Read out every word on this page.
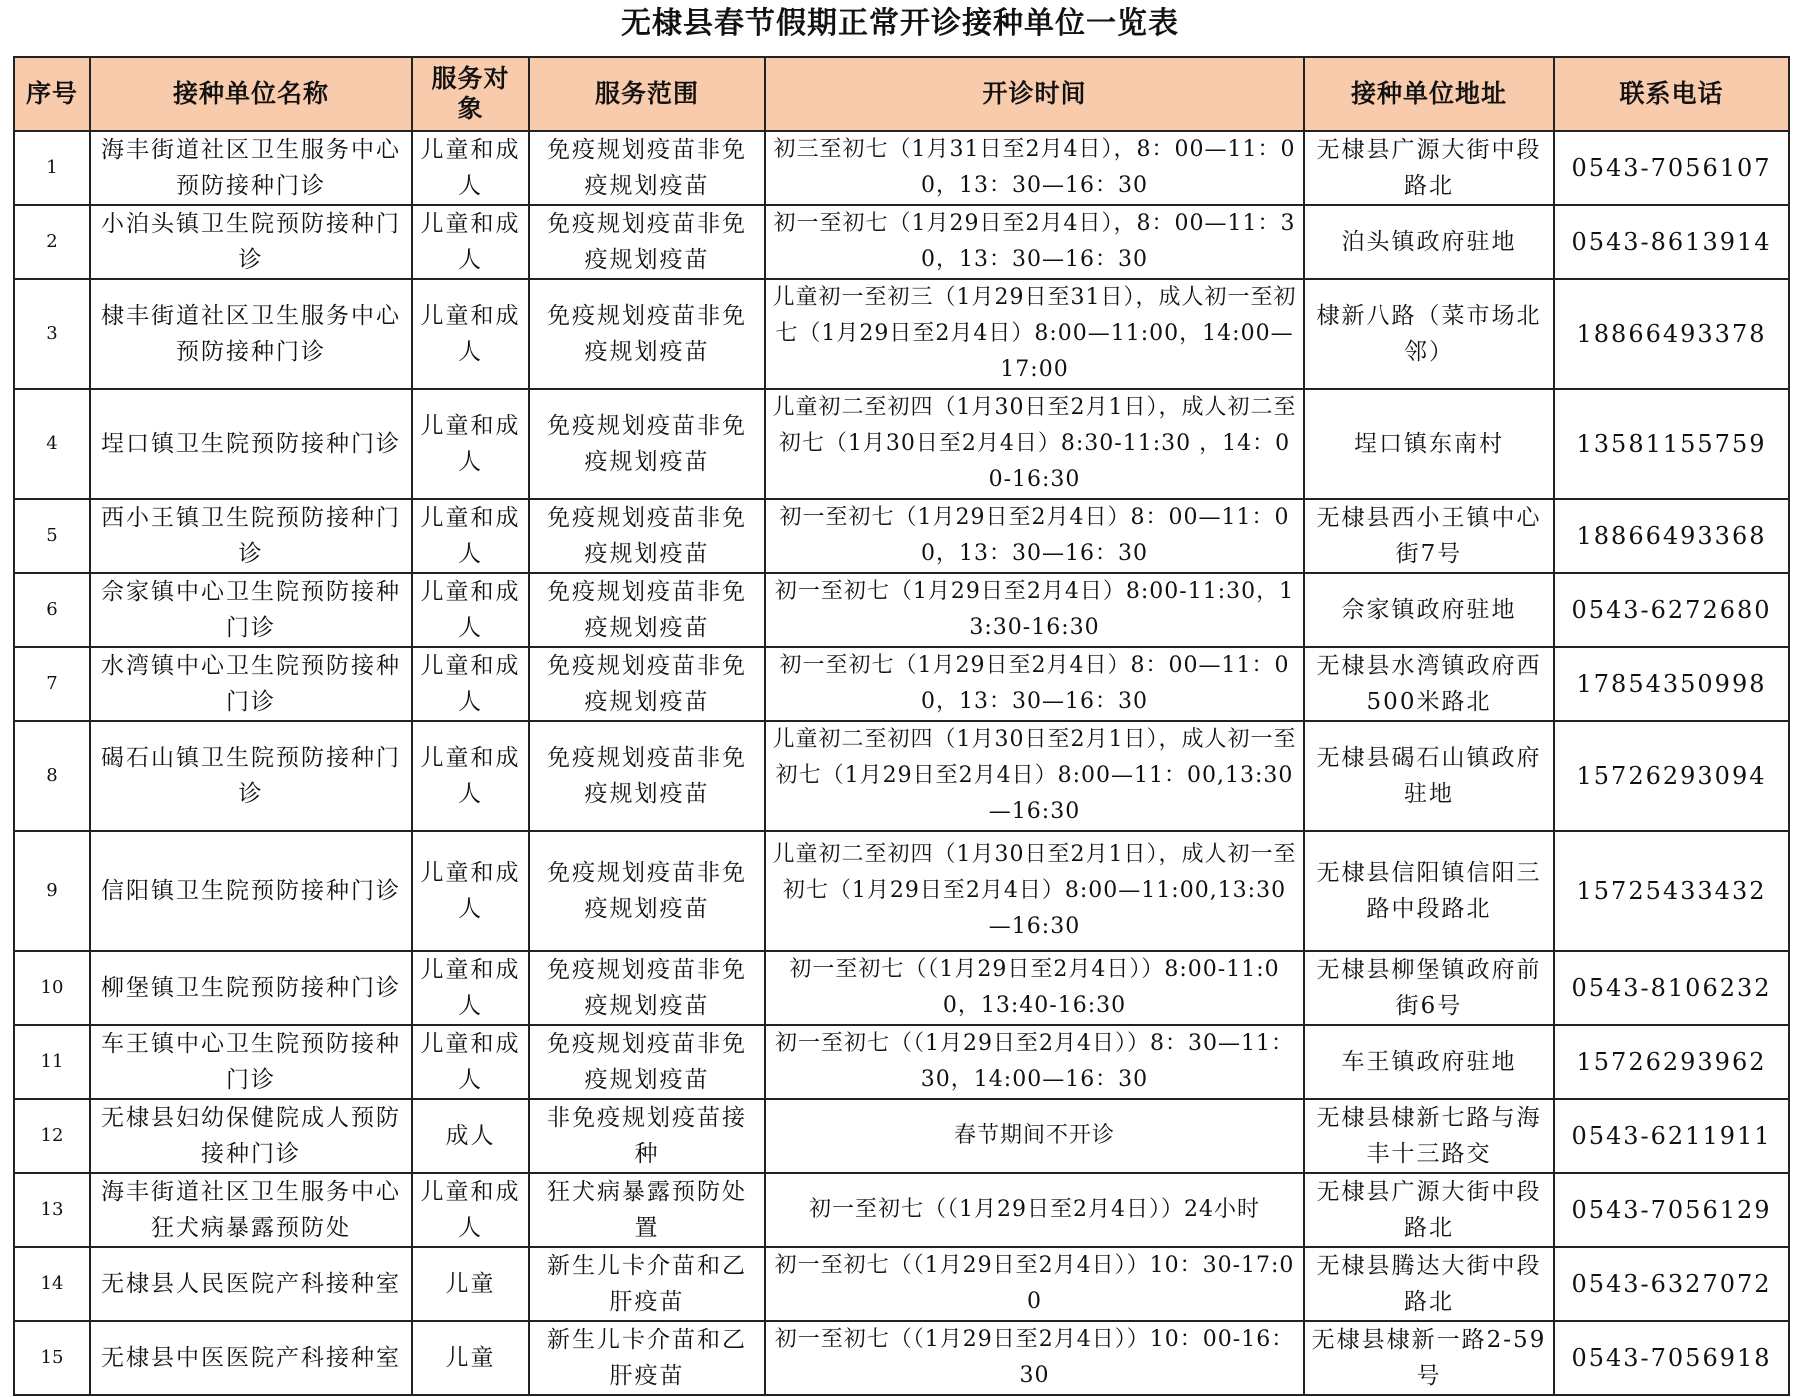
无棣县春节假期正常开诊接种单位一览表
序号	接种单位名称	服务对象	服务范围	开诊时间	接种单位地址	联系电话
1	海丰街道社区卫生服务中心预防接种门诊	儿童和成人	免疫规划疫苗非免疫规划疫苗	初三至初七（1月31日至2月4日），8：00—11：00，13：30—16：30	无棣县广源大街中段路北	0543-7056107
2	小泊头镇卫生院预防接种门诊	儿童和成人	免疫规划疫苗非免疫规划疫苗	初一至初七（1月29日至2月4日），8：00—11：30，13：30—16：30	泊头镇政府驻地	0543-8613914
3	棣丰街道社区卫生服务中心预防接种门诊	儿童和成人	免疫规划疫苗非免疫规划疫苗	儿童初一至初三（1月29日至31日），成人初一至初七（1月29日至2月4日）8:00—11:00，14:00—17:00	棣新八路（菜市场北邻）	18866493378
4	埕口镇卫生院预防接种门诊	儿童和成人	免疫规划疫苗非免疫规划疫苗	儿童初二至初四（1月30日至2月1日），成人初二至初七（1月30日至2月4日）8:30-11:30 ，14：00-16:30	埕口镇东南村	13581155759
5	西小王镇卫生院预防接种门诊	儿童和成人	免疫规划疫苗非免疫规划疫苗	初一至初七（1月29日至2月4日）8：00—11：00，13：30—16：30	无棣县西小王镇中心街7号	18866493368
6	佘家镇中心卫生院预防接种门诊	儿童和成人	免疫规划疫苗非免疫规划疫苗	初一至初七（1月29日至2月4日）8:00-11:30，13:30-16:30	佘家镇政府驻地	0543-6272680
7	水湾镇中心卫生院预防接种门诊	儿童和成人	免疫规划疫苗非免疫规划疫苗	初一至初七（1月29日至2月4日）8：00—11：00，13：30—16：30	无棣县水湾镇政府西500米路北	17854350998
8	碣石山镇卫生院预防接种门诊	儿童和成人	免疫规划疫苗非免疫规划疫苗	儿童初二至初四（1月30日至2月1日），成人初一至初七（1月29日至2月4日）8:00—11：00,13:30—16:30	无棣县碣石山镇政府驻地	15726293094
9	信阳镇卫生院预防接种门诊	儿童和成人	免疫规划疫苗非免疫规划疫苗	儿童初二至初四（1月30日至2月1日），成人初一至初七（1月29日至2月4日）8:00—11:00,13:30—16:30	无棣县信阳镇信阳三路中段路北	15725433432
10	柳堡镇卫生院预防接种门诊	儿童和成人	免疫规划疫苗非免疫规划疫苗	初一至初七（（1月29日至2月4日））8:00-11:00，13:40-16:30	无棣县柳堡镇政府前街6号	0543-8106232
11	车王镇中心卫生院预防接种门诊	儿童和成人	免疫规划疫苗非免疫规划疫苗	初一至初七（（1月29日至2月4日））8：30—11：30，14:00—16：30	车王镇政府驻地	15726293962
12	无棣县妇幼保健院成人预防接种门诊	成人	非免疫规划疫苗接种	春节期间不开诊	无棣县棣新七路与海丰十三路交	0543-6211911
13	海丰街道社区卫生服务中心狂犬病暴露预防处	儿童和成人	狂犬病暴露预防处置	初一至初七（（1月29日至2月4日））24小时	无棣县广源大街中段路北	0543-7056129
14	无棣县人民医院产科接种室	儿童	新生儿卡介苗和乙肝疫苗	初一至初七（（1月29日至2月4日））10：30-17:00	无棣县腾达大街中段路北	0543-6327072
15	无棣县中医医院产科接种室	儿童	新生儿卡介苗和乙肝疫苗	初一至初七（（1月29日至2月4日））10：00-16：30	无棣县棣新一路2-59号	0543-7056918
